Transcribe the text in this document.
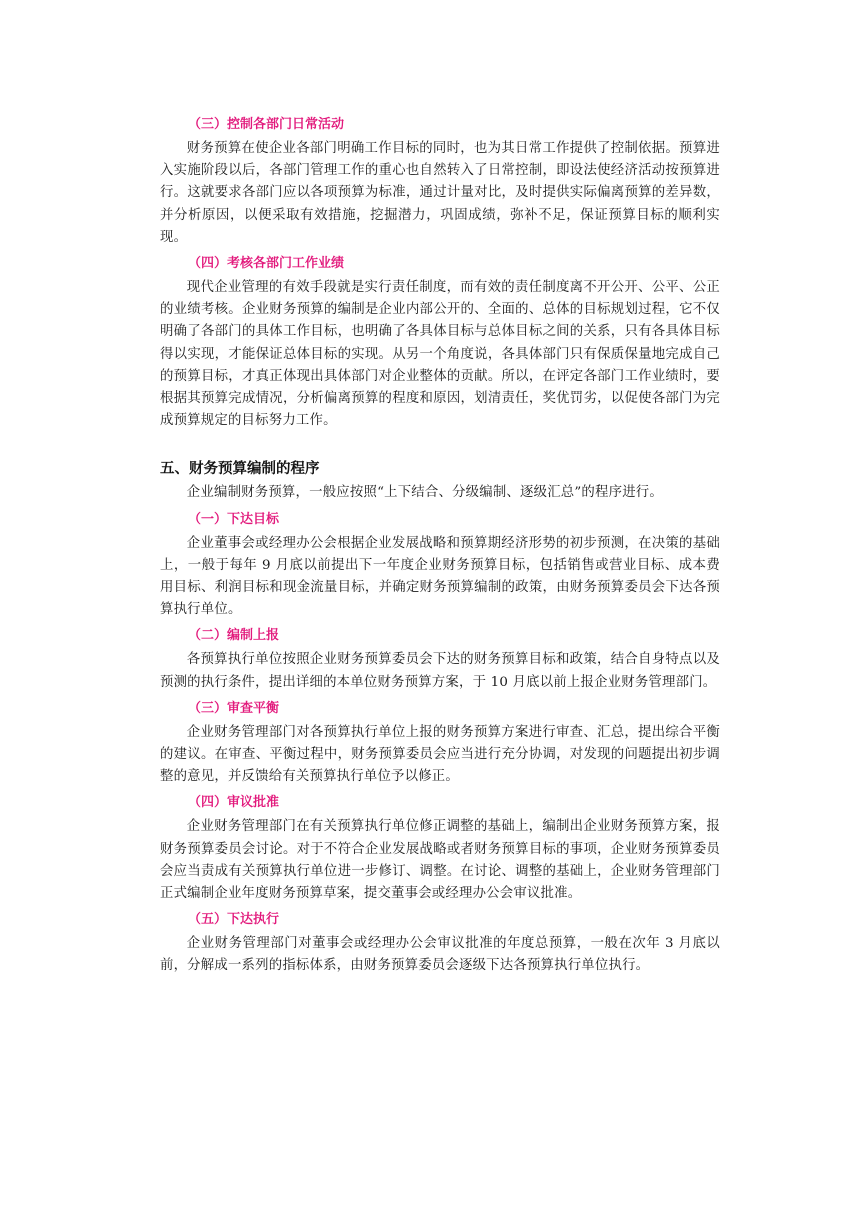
（三）控制各部门日常活动

财务预算在使企业各部门明确工作目标的同时，也为其日常工作提供了控制依据。预算进入实施阶段以后，各部门管理工作的重心也自然转入了日常控制，即设法使经济活动按预算进行。这就要求各部门应以各项预算为标准，通过计量对比，及时提供实际偏离预算的差异数，并分析原因，以便采取有效措施，挖掘潜力，巩固成绩，弥补不足，保证预算目标的顺利实现。

（四）考核各部门工作业绩

现代企业管理的有效手段就是实行责任制度，而有效的责任制度离不开公开、公平、公正的业绩考核。企业财务预算的编制是企业内部公开的、全面的、总体的目标规划过程，它不仅明确了各部门的具体工作目标，也明确了各具体目标与总体目标之间的关系，只有各具体目标得以实现，才能保证总体目标的实现。从另一个角度说，各具体部门只有保质保量地完成自己的预算目标，才真正体现出具体部门对企业整体的贡献。所以，在评定各部门工作业绩时，要根据其预算完成情况，分析偏离预算的程度和原因，划清责任，奖优罚劣，以促使各部门为完成预算规定的目标努力工作。

五、财务预算编制的程序

企业编制财务预算，一般应按照“上下结合、分级编制、逐级汇总”的程序进行。

（一）下达目标

企业董事会或经理办公会根据企业发展战略和预算期经济形势的初步预测，在决策的基础上，一般于每年 9 月底以前提出下一年度企业财务预算目标，包括销售或营业目标、成本费用目标、利润目标和现金流量目标，并确定财务预算编制的政策，由财务预算委员会下达各预算执行单位。

（二）编制上报

各预算执行单位按照企业财务预算委员会下达的财务预算目标和政策，结合自身特点以及预测的执行条件，提出详细的本单位财务预算方案，于 10 月底以前上报企业财务管理部门。

（三）审查平衡

企业财务管理部门对各预算执行单位上报的财务预算方案进行审查、汇总，提出综合平衡的建议。在审查、平衡过程中，财务预算委员会应当进行充分协调，对发现的问题提出初步调整的意见，并反馈给有关预算执行单位予以修正。

（四）审议批准

企业财务管理部门在有关预算执行单位修正调整的基础上，编制出企业财务预算方案，报财务预算委员会讨论。对于不符合企业发展战略或者财务预算目标的事项，企业财务预算委员会应当责成有关预算执行单位进一步修订、调整。在讨论、调整的基础上，企业财务管理部门正式编制企业年度财务预算草案，提交董事会或经理办公会审议批准。

（五）下达执行

企业财务管理部门对董事会或经理办公会审议批准的年度总预算，一般在次年 3 月底以前，分解成一系列的指标体系，由财务预算委员会逐级下达各预算执行单位执行。
